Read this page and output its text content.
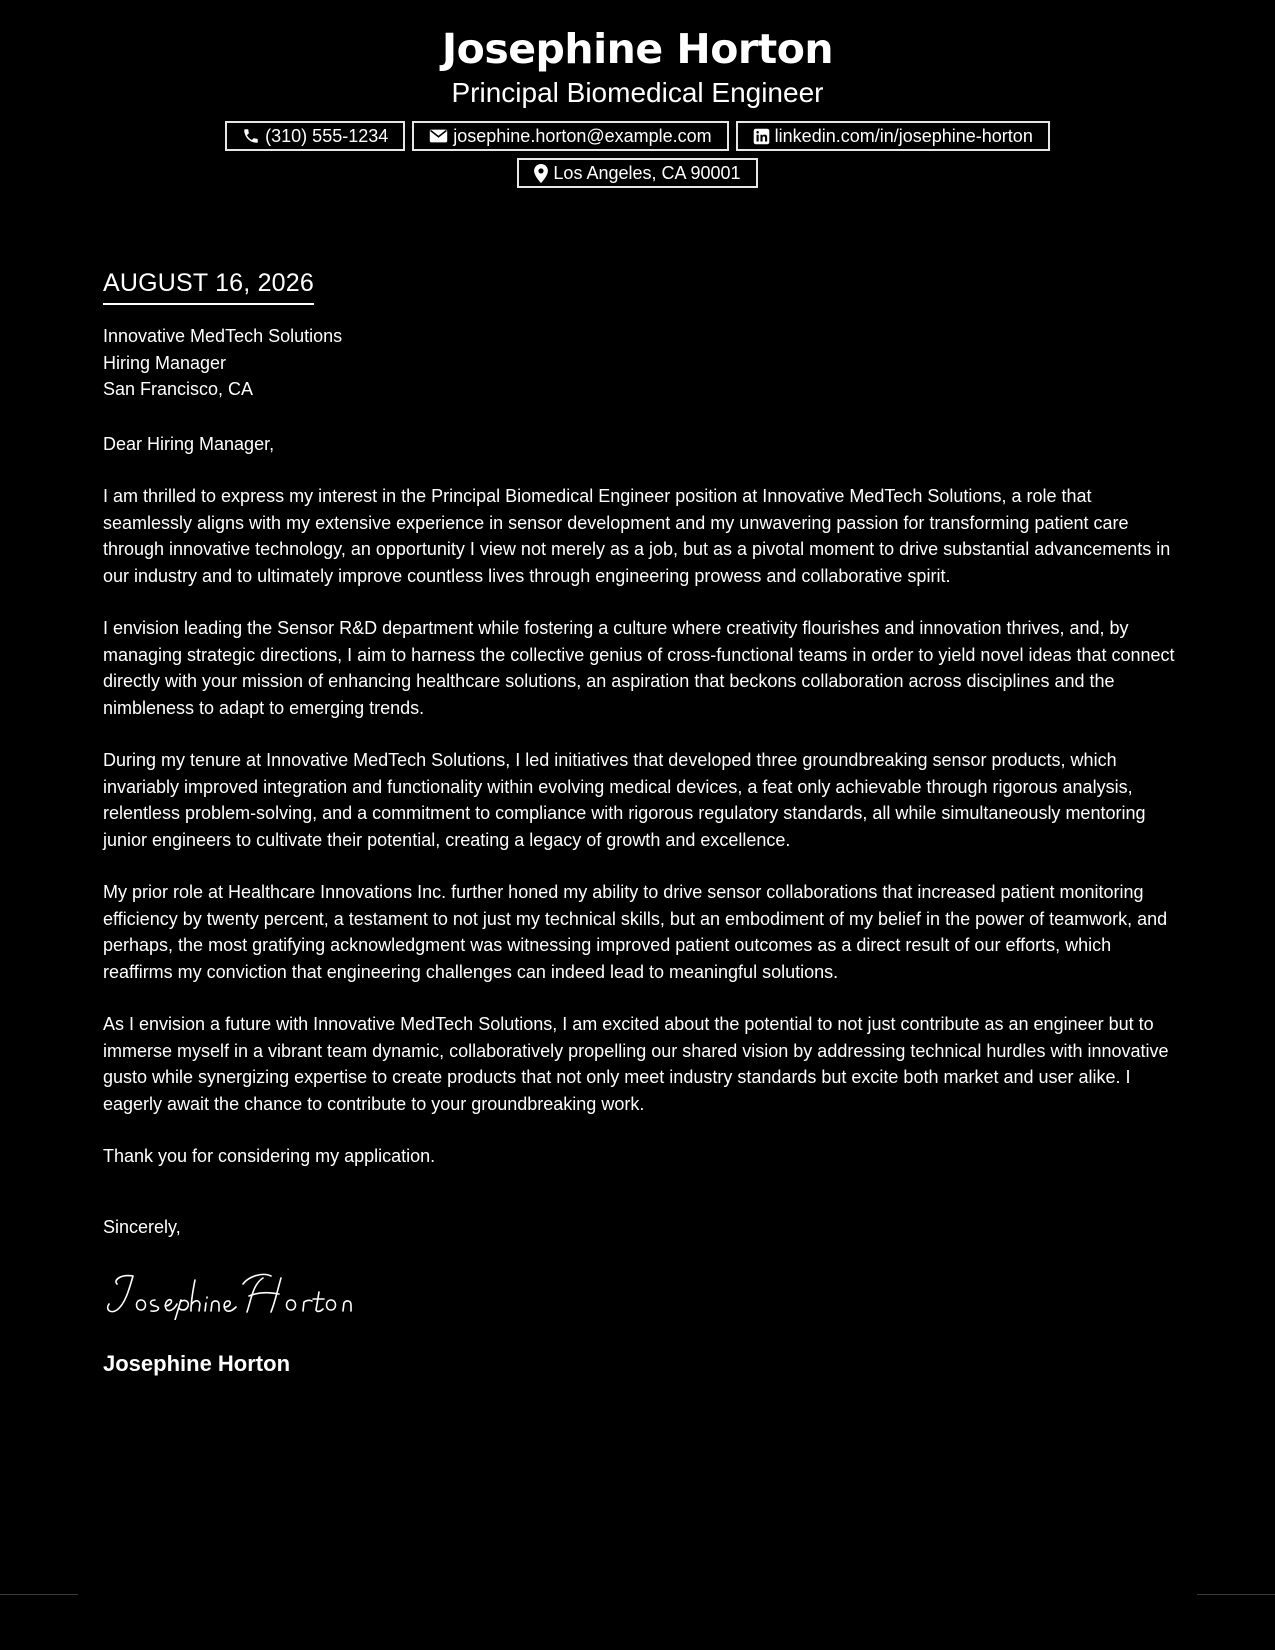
Josephine Horton
Principal Biomedical Engineer
(310) 555-1234	josephine.horton@example.com	linkedin.com/in/josephine-horton
Los Angeles, CA 90001
AUGUST 16, 2026
Innovative MedTech Solutions
Hiring Manager
San Francisco, CA
Dear Hiring Manager,

I am thrilled to express my interest in the Principal Biomedical Engineer position at Innovative MedTech Solutions, a role that seamlessly aligns with my extensive experience in sensor development and my unwavering passion for transforming patient care through innovative technology, an opportunity I view not merely as a job, but as a pivotal moment to drive substantial advancements in our industry and to ultimately improve countless lives through engineering prowess and collaborative spirit.

I envision leading the Sensor R&D department while fostering a culture where creativity flourishes and innovation thrives, and, by managing strategic directions, I aim to harness the collective genius of cross-functional teams in order to yield novel ideas that connect directly with your mission of enhancing healthcare solutions, an aspiration that beckons collaboration across disciplines and the nimbleness to adapt to emerging trends.

During my tenure at Innovative MedTech Solutions, I led initiatives that developed three groundbreaking sensor products, which invariably improved integration and functionality within evolving medical devices, a feat only achievable through rigorous analysis, relentless problem-solving, and a commitment to compliance with rigorous regulatory standards, all while simultaneously mentoring junior engineers to cultivate their potential, creating a legacy of growth and excellence.

My prior role at Healthcare Innovations Inc. further honed my ability to drive sensor collaborations that increased patient monitoring efficiency by twenty percent, a testament to not just my technical skills, but an embodiment of my belief in the power of teamwork, and perhaps, the most gratifying acknowledgment was witnessing improved patient outcomes as a direct result of our efforts, which reaffirms my conviction that engineering challenges can indeed lead to meaningful solutions.

As I envision a future with Innovative MedTech Solutions, I am excited about the potential to not just contribute as an engineer but to immerse myself in a vibrant team dynamic, collaboratively propelling our shared vision by addressing technical hurdles with innovative gusto while synergizing expertise to create products that not only meet industry standards but excite both market and user alike. I eagerly await the chance to contribute to your groundbreaking work.

Thank you for considering my application.
Sincerely,
Josephine Horton
